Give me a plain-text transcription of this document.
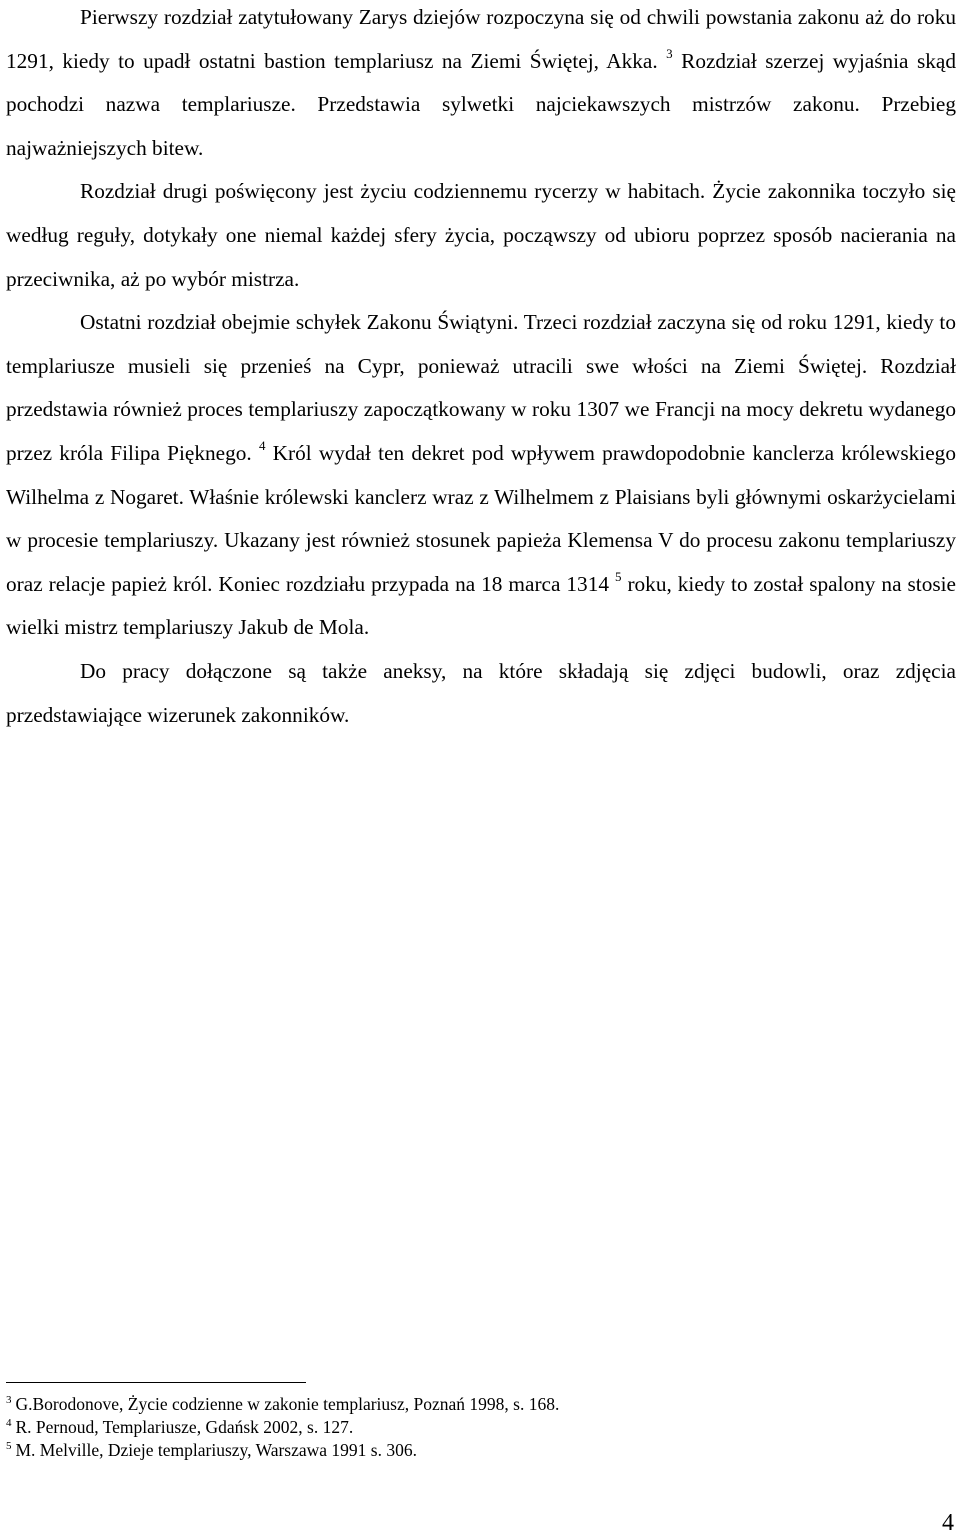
Pierwszy rozdział zatytułowany Zarys dziejów rozpoczyna się od chwili powstania zakonu aż do roku 1291, kiedy to upadł ostatni bastion templariusz na Ziemi Świętej, Akka. $^3$ Rozdział szerzej wyjaśnia skąd pochodzi nazwa templariusze. Przedstawia sylwetki najciekawszych mistrzów zakonu. Przebieg najważniejszych bitew.

Rozdział drugi poświęcony jest życiu codziennemu rycerzy w habitach. Życie zakonnika toczyło się według reguły, dotykały one niemal każdej sfery życia, począwszy od ubioru poprzez sposób nacierania na przeciwnika, aż po wybór mistrza.

Ostatni rozdział obejmie schyłek Zakonu Świątyni. Trzeci rozdział zaczyna się od roku 1291, kiedy to templariusze musieli się przenieś na Cypr, ponieważ utracili swe włości na Ziemi Świętej. Rozdział przedstawia również proces templariuszy zapoczątkowany w roku 1307 we Francji na mocy dekretu wydanego przez króla Filipa Pięknego. $^4$ Król wydał ten dekret pod wpływem prawdopodobnie kanclerza królewskiego Wilhelma z Nogaret. Właśnie królewski kanclerz wraz z Wilhelmem z Plaisians byli głównymi oskarżycielami w procesie templariuszy. Ukazany jest również stosunek papieża Klemensa V do procesu zakonu templariuszy oraz relacje papież król. Koniec rozdziału przypada na 18 marca 1314 $^5$ roku, kiedy to został spalony na stosie wielki mistrz templariuszy Jakub de Mola.

Do pracy dołączone są także aneksy, na które składają się zdjęci budowli, oraz zdjęcia przedstawiające wizerunek zakonników.

$^3$ G.Borodonove, Życie codzienne w zakonie templariusz, Poznań 1998, s. 168.

$^4$ R. Pernoud, Templariusze, Gdańsk 2002, s. 127.

$^5$ M. Melville, Dzieje templariuszy, Warszawa 1991 s. 306.

4
